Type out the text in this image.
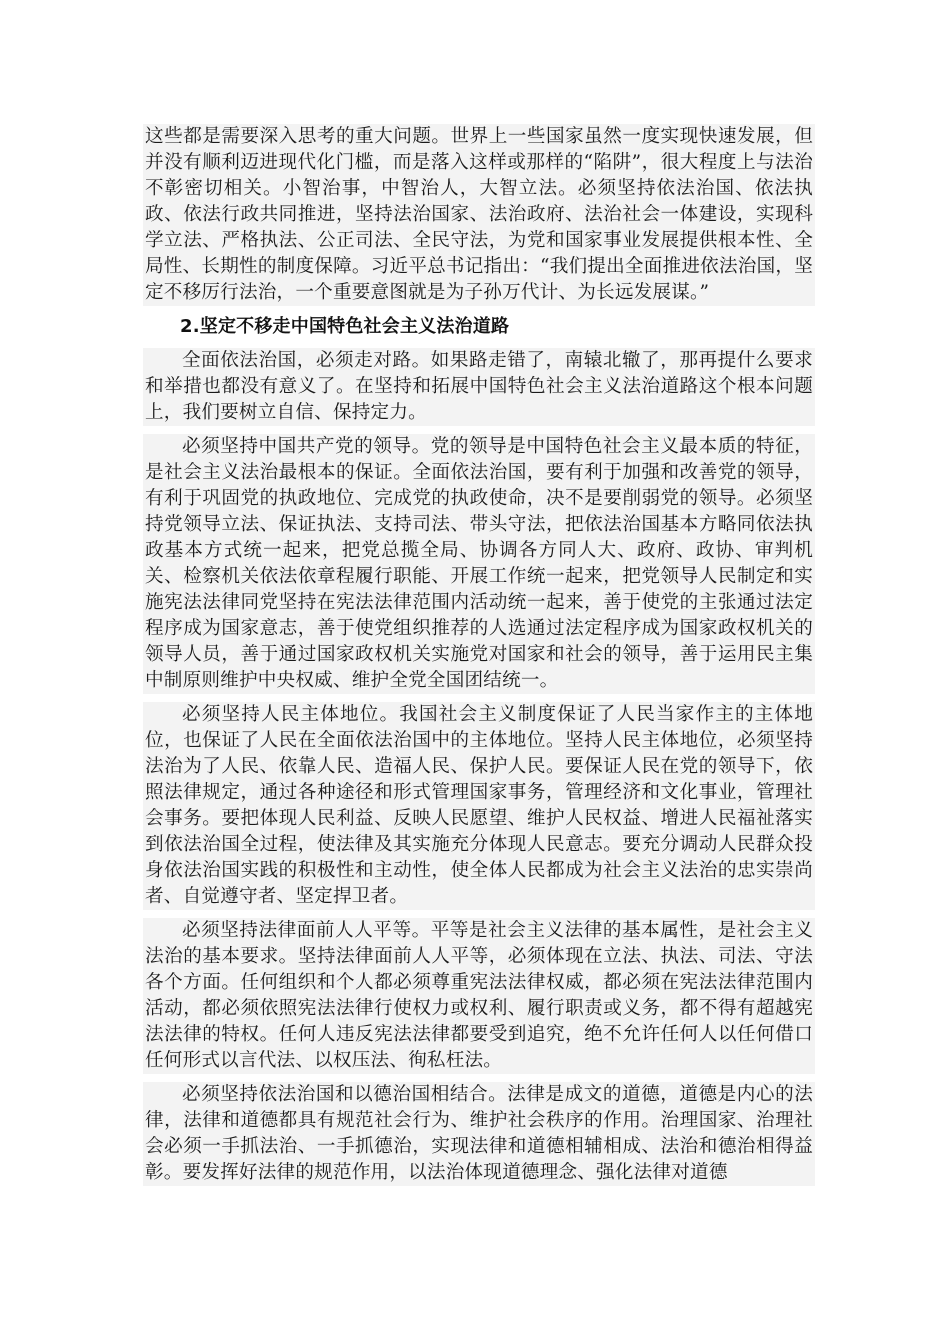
这些都是需要深入思考的重大问题。世界上一些国家虽然一度实现快速发展，但并没有顺利迈进现代化门槛，而是落入这样或那样的“陷阱”，很大程度上与法治不彰密切相关。小智治事，中智治人，大智立法。必须坚持依法治国、依法执政、依法行政共同推进，坚持法治国家、法治政府、法治社会一体建设，实现科学立法、严格执法、公正司法、全民守法，为党和国家事业发展提供根本性、全局性、长期性的制度保障。习近平总书记指出：“我们提出全面推进依法治国，坚定不移厉行法治，一个重要意图就是为子孙万代计、为长远发展谋。”

2.坚定不移走中国特色社会主义法治道路

全面依法治国，必须走对路。如果路走错了，南辕北辙了，那再提什么要求和举措也都没有意义了。在坚持和拓展中国特色社会主义法治道路这个根本问题上，我们要树立自信、保持定力。

必须坚持中国共产党的领导。党的领导是中国特色社会主义最本质的特征，是社会主义法治最根本的保证。全面依法治国，要有利于加强和改善党的领导，有利于巩固党的执政地位、完成党的执政使命，决不是要削弱党的领导。必须坚持党领导立法、保证执法、支持司法、带头守法，把依法治国基本方略同依法执政基本方式统一起来，把党总揽全局、协调各方同人大、政府、政协、审判机关、检察机关依法依章程履行职能、开展工作统一起来，把党领导人民制定和实施宪法法律同党坚持在宪法法律范围内活动统一起来，善于使党的主张通过法定程序成为国家意志，善于使党组织推荐的人选通过法定程序成为国家政权机关的领导人员，善于通过国家政权机关实施党对国家和社会的领导，善于运用民主集中制原则维护中央权威、维护全党全国团结统一。

必须坚持人民主体地位。我国社会主义制度保证了人民当家作主的主体地位，也保证了人民在全面依法治国中的主体地位。坚持人民主体地位，必须坚持法治为了人民、依靠人民、造福人民、保护人民。要保证人民在党的领导下，依照法律规定，通过各种途径和形式管理国家事务，管理经济和文化事业，管理社会事务。要把体现人民利益、反映人民愿望、维护人民权益、增进人民福祉落实到依法治国全过程，使法律及其实施充分体现人民意志。要充分调动人民群众投身依法治国实践的积极性和主动性，使全体人民都成为社会主义法治的忠实崇尚者、自觉遵守者、坚定捍卫者。

必须坚持法律面前人人平等。平等是社会主义法律的基本属性，是社会主义法治的基本要求。坚持法律面前人人平等，必须体现在立法、执法、司法、守法各个方面。任何组织和个人都必须尊重宪法法律权威，都必须在宪法法律范围内活动，都必须依照宪法法律行使权力或权利、履行职责或义务，都不得有超越宪法法律的特权。任何人违反宪法法律都要受到追究，绝不允许任何人以任何借口任何形式以言代法、以权压法、徇私枉法。

必须坚持依法治国和以德治国相结合。法律是成文的道德，道德是内心的法律，法律和道德都具有规范社会行为、维护社会秩序的作用。治理国家、治理社会必须一手抓法治、一手抓德治，实现法律和道德相辅相成、法治和德治相得益彰。要发挥好法律的规范作用，以法治体现道德理念、强化法律对道德
